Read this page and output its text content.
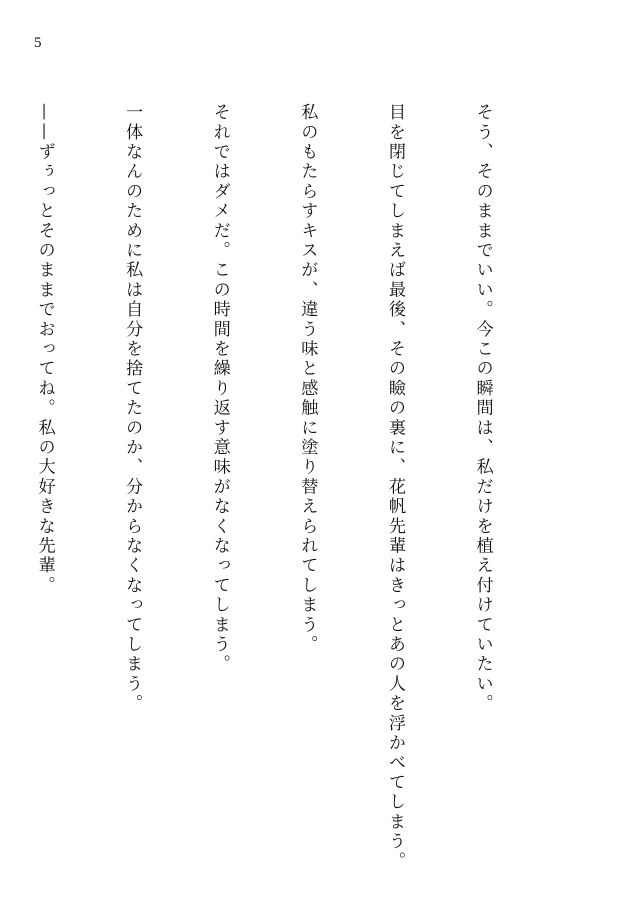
5

そう、そのままでいい。今この瞬間は、私だけを植え付けていたい。

目を閉じてしまえば最後、その瞼の裏に、花帆先輩はきっとあの人を浮かべてしまう。

私のもたらすキスが、違う味と感触に塗り替えられてしまう。

それではダメだ。この時間を繰り返す意味がなくなってしまう。

一体なんのために私は自分を捨てたのか、分からなくなってしまう。

——ずぅっとそのままでおってね。私の大好きな先輩。
